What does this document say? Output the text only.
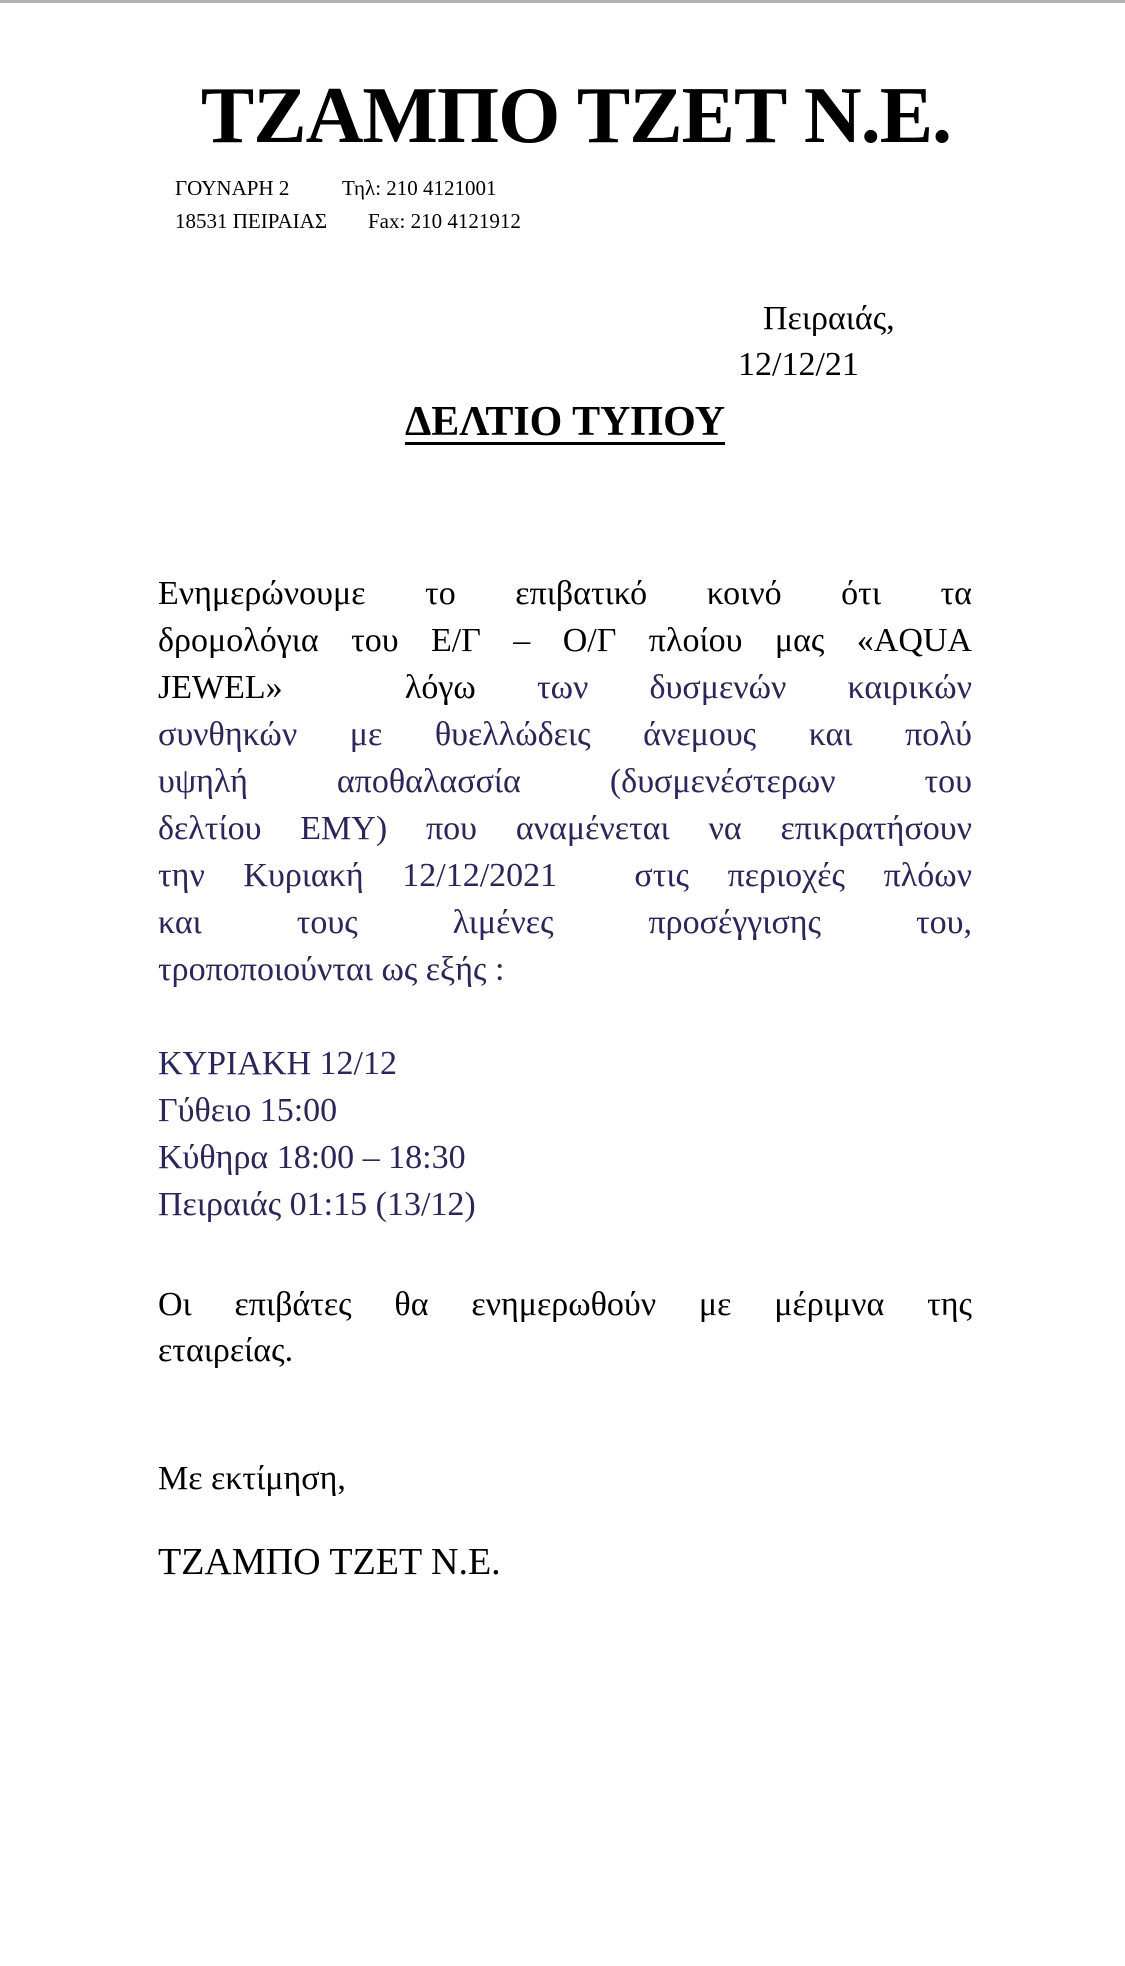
ΤΖΑΜΠΟ ΤΖΕΤ Ν.Ε.
ΓΟΥΝΑΡΗ 2	Τηλ: 210 4121001
18531 ΠΕΙΡΑΙΑΣ Fax: 210 4121912
Πειραιάς,
12/12/21
ΔΕΛΤΙΟ ΤΥΠΟΥ
Ενημερώνουμε το επιβατικό κοινό ότι τα
δρομολόγια του Ε/Γ – Ο/Γ πλοίου μας «AQUA
JEWEL»  λόγω των δυσμενών καιρικών
συνθηκών με θυελλώδεις άνεμους και πολύ
υψηλή αποθαλασσία (δυσμενέστερων του
δελτίου ΕΜΥ) που αναμένεται να επικρατήσουν
την Κυριακή 12/12/2021  στις περιοχές πλόων
και τους λιμένες προσέγγισης του,
τροποποιούνται ως εξής :
ΚΥΡΙΑΚΗ 12/12
Γύθειο 15:00
Κύθηρα 18:00 – 18:30
Πειραιάς 01:15 (13/12)
Οι επιβάτες θα ενημερωθούν με μέριμνα της
εταιρείας.
Με εκτίμηση,
ΤΖΑΜΠΟ ΤΖΕΤ Ν.Ε.
